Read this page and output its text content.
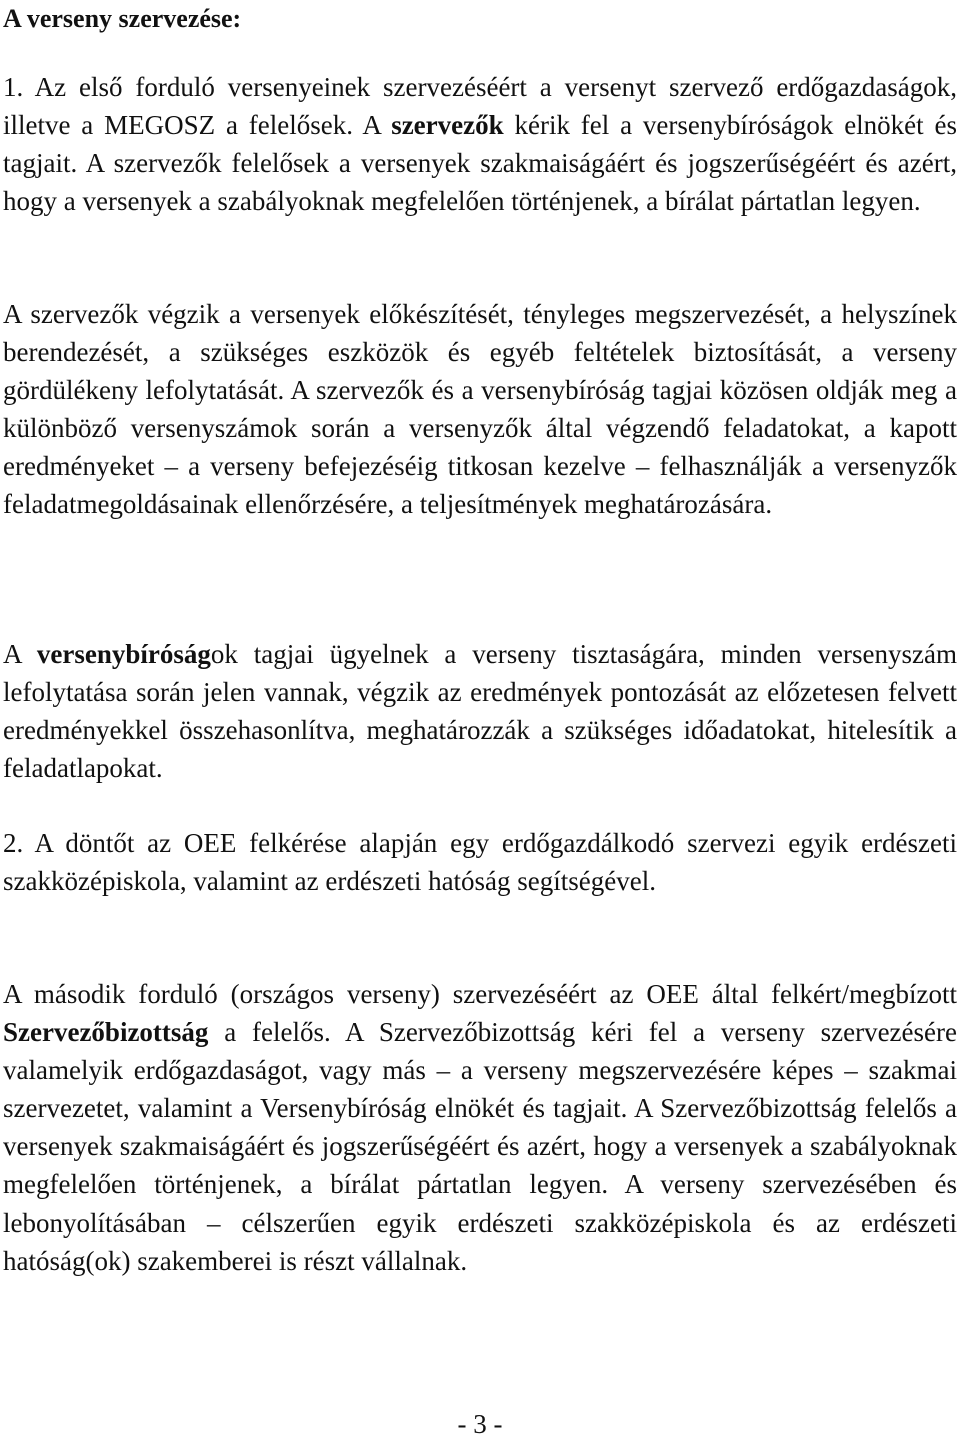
A verseny szervezése:

1. Az első forduló versenyeinek szervezéséért a versenyt szervező erdőgazdaságok, illetve a MEGOSZ a felelősek. A szervezők kérik fel a versenybíróságok elnökét és tagjait. A szervezők felelősek a versenyek szakmaiságáért és jogszerűségéért és azért, hogy a versenyek a szabályoknak megfelelően történjenek, a bírálat pártatlan legyen.

A szervezők végzik a versenyek előkészítését, tényleges megszervezését, a helyszínek berendezését, a szükséges eszközök és egyéb feltételek biztosítását, a verseny gördülékeny lefolytatását. A szervezők és a versenybíróság tagjai közösen oldják meg a különböző versenyszámok során a versenyzők által végzendő feladatokat, a kapott eredményeket – a verseny befejezéséig titkosan kezelve – felhasználják a versenyzők feladatmegoldásainak ellenőrzésére, a teljesítmények meghatározására.

A versenybíróságok tagjai ügyelnek a verseny tisztaságára, minden versenyszám lefolytatása során jelen vannak, végzik az eredmények pontozását az előzetesen felvett eredményekkel összehasonlítva, meghatározzák a szükséges időadatokat, hitelesítik a feladatlapokat.

2. A döntőt az OEE felkérése alapján egy erdőgazdálkodó szervezi egyik erdészeti szakközépiskola, valamint az erdészeti hatóság segítségével.

A második forduló (országos verseny) szervezéséért az OEE által felkért/megbízott Szervezőbizottság a felelős. A Szervezőbizottság kéri fel a verseny szervezésére valamelyik erdőgazdaságot, vagy más – a verseny megszervezésére képes – szakmai szervezetet, valamint a Versenybíróság elnökét és tagjait. A Szervezőbizottság felelős a versenyek szakmaiságáért és jogszerűségéért és azért, hogy a versenyek a szabályoknak megfelelően történjenek, a bírálat pártatlan legyen. A verseny szervezésében és lebonyolításában – célszerűen egyik erdészeti szakközépiskola és az erdészeti hatóság(ok) szakemberei is részt vállalnak.

- 3 -
